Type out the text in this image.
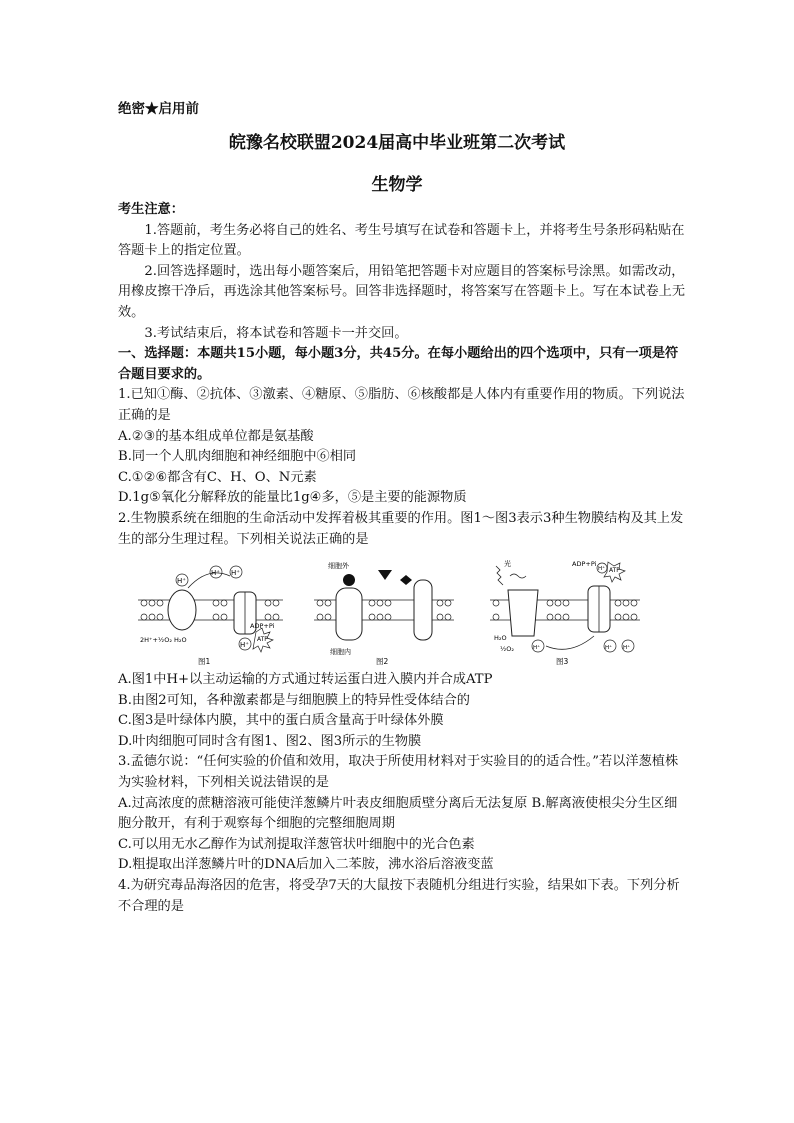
绝密★启用前
皖豫名校联盟2024届高中毕业班第二次考试
生物学

考生注意：

1.答题前，考生务必将自己的姓名、考生号填写在试卷和答题卡上，并将考生号条形码粘贴在答题卡上的指定位置。

2.回答选择题时，选出每小题答案后，用铅笔把答题卡对应题目的答案标号涂黑。如需改动，用橡皮擦干净后，再选涂其他答案标号。回答非选择题时，将答案写在答题卡上。写在本试卷上无效。

3.考试结束后，将本试卷和答题卡一并交回。

一、选择题：本题共15小题，每小题3分，共45分。在每小题给出的四个选项中，只有一项是符合题目要求的。

1.已知①酶、②抗体、③激素、④糖原、⑤脂肪、⑥核酸都是人体内有重要作用的物质。下列说法正确的是

A.②③的基本组成单位都是氨基酸

B.同一个人肌肉细胞和神经细胞中⑥相同

C.①②⑥都含有C、H、O、N元素

D.1g⑤氧化分解释放的能量比1g④多，⑤是主要的能源物质

2.生物膜系统在细胞的生命活动中发挥着极其重要的作用。图1～图3表示3种生物膜结构及其上发生的部分生理过程。下列相关说法正确的是

H⁺
H⁺ H⁺
H⁺
2H⁺+½O₂ H₂O
ADP+Pi
ATP
图1
细胞外
细胞内
图2
光	ADP+Pi
ATP
H⁺
H₂O
½O₂	H⁺	H⁺ H⁺
图3

A.图1中H+以主动运输的方式通过转运蛋白进入膜内并合成ATP

B.由图2可知，各种激素都是与细胞膜上的特异性受体结合的

C.图3是叶绿体内膜，其中的蛋白质含量高于叶绿体外膜

D.叶肉细胞可同时含有图1、图2、图3所示的生物膜

3.孟德尔说：“任何实验的价值和效用，取决于所使用材料对于实验目的的适合性。”若以洋葱植株为实验材料，下列相关说法错误的是

A.过高浓度的蔗糖溶液可能使洋葱鳞片叶表皮细胞质壁分离后无法复原 B.解离液使根尖分生区细胞分散开，有利于观察每个细胞的完整细胞周期

C.可以用无水乙醇作为试剂提取洋葱管状叶细胞中的光合色素

D.粗提取出洋葱鳞片叶的DNA后加入二苯胺，沸水浴后溶液变蓝

4.为研究毒品海洛因的危害，将受孕7天的大鼠按下表随机分组进行实验，结果如下表。下列分析不合理的是
